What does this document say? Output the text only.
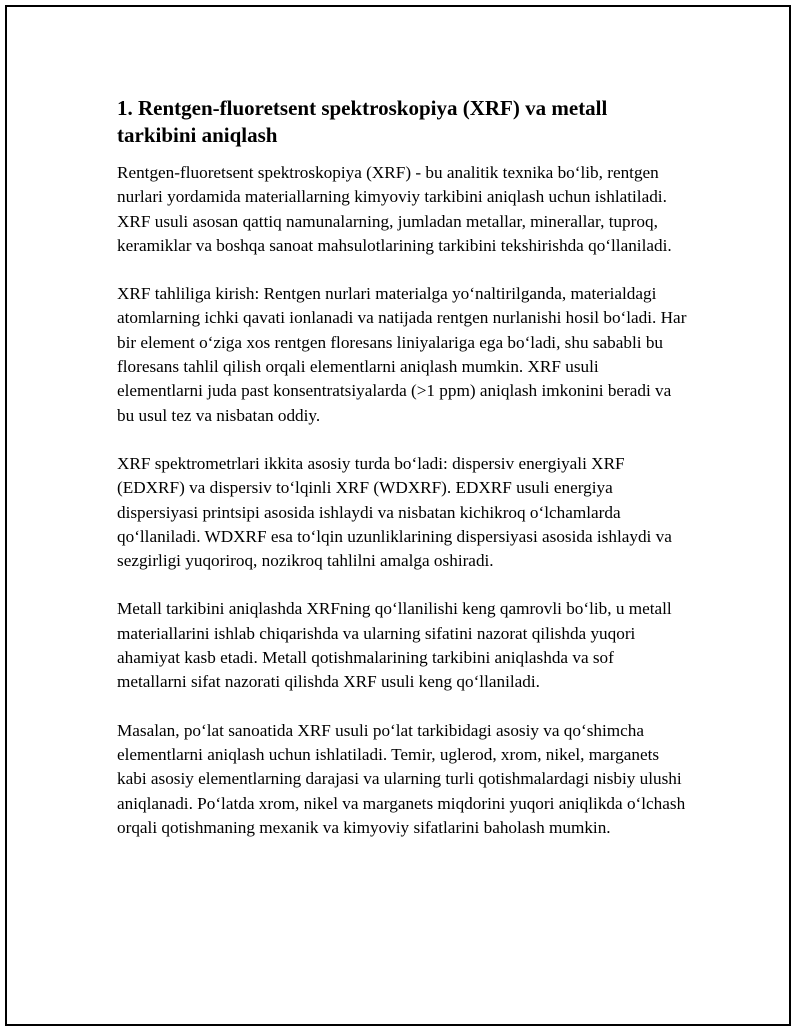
1. Rentgen-fluoretsent spektroskopiya (XRF) va metall tarkibini aniqlash

Rentgen-fluoretsent spektroskopiya (XRF) - bu analitik texnika boʻlib, rentgen nurlari yordamida materiallarning kimyoviy tarkibini aniqlash uchun ishlatiladi. XRF usuli asosan qattiq namunalarning, jumladan metallar, minerallar, tuproq, keramiklar va boshqa sanoat mahsulotlarining tarkibini tekshirishda qoʻllaniladi.

XRF tahliliga kirish: Rentgen nurlari materialga yoʻnaltirilganda, materialdagi atomlarning ichki qavati ionlanadi va natijada rentgen nurlanishi hosil boʻladi. Har bir element oʻziga xos rentgen floresans liniyalariga ega boʻladi, shu sababli bu floresans tahlil qilish orqali elementlarni aniqlash mumkin. XRF usuli elementlarni juda past konsentratsiyalarda (>1 ppm) aniqlash imkonini beradi va bu usul tez va nisbatan oddiy.

XRF spektrometrlari ikkita asosiy turda boʻladi: dispersiv energiyali XRF (EDXRF) va dispersiv toʻlqinli XRF (WDXRF). EDXRF usuli energiya dispersiyasi printsipi asosida ishlaydi va nisbatan kichikroq oʻlchamlarda qoʻllaniladi. WDXRF esa toʻlqin uzunliklarining dispersiyasi asosida ishlaydi va sezgirligi yuqoriroq, nozikroq tahlilni amalga oshiradi.

Metall tarkibini aniqlashda XRFning qoʻllanilishi keng qamrovli boʻlib, u metall materiallarini ishlab chiqarishda va ularning sifatini nazorat qilishda yuqori ahamiyat kasb etadi. Metall qotishmalarining tarkibini aniqlashda va sof metallarni sifat nazorati qilishda XRF usuli keng qoʻllaniladi.

Masalan, poʻlat sanoatida XRF usuli poʻlat tarkibidagi asosiy va qoʻshimcha elementlarni aniqlash uchun ishlatiladi. Temir, uglerod, xrom, nikel, marganets kabi asosiy elementlarning darajasi va ularning turli qotishmalardagi nisbiy ulushi aniqlanadi. Poʻlatda xrom, nikel va marganets miqdorini yuqori aniqlikda oʻlchash orqali qotishmaning mexanik va kimyoviy sifatlarini baholash mumkin.
